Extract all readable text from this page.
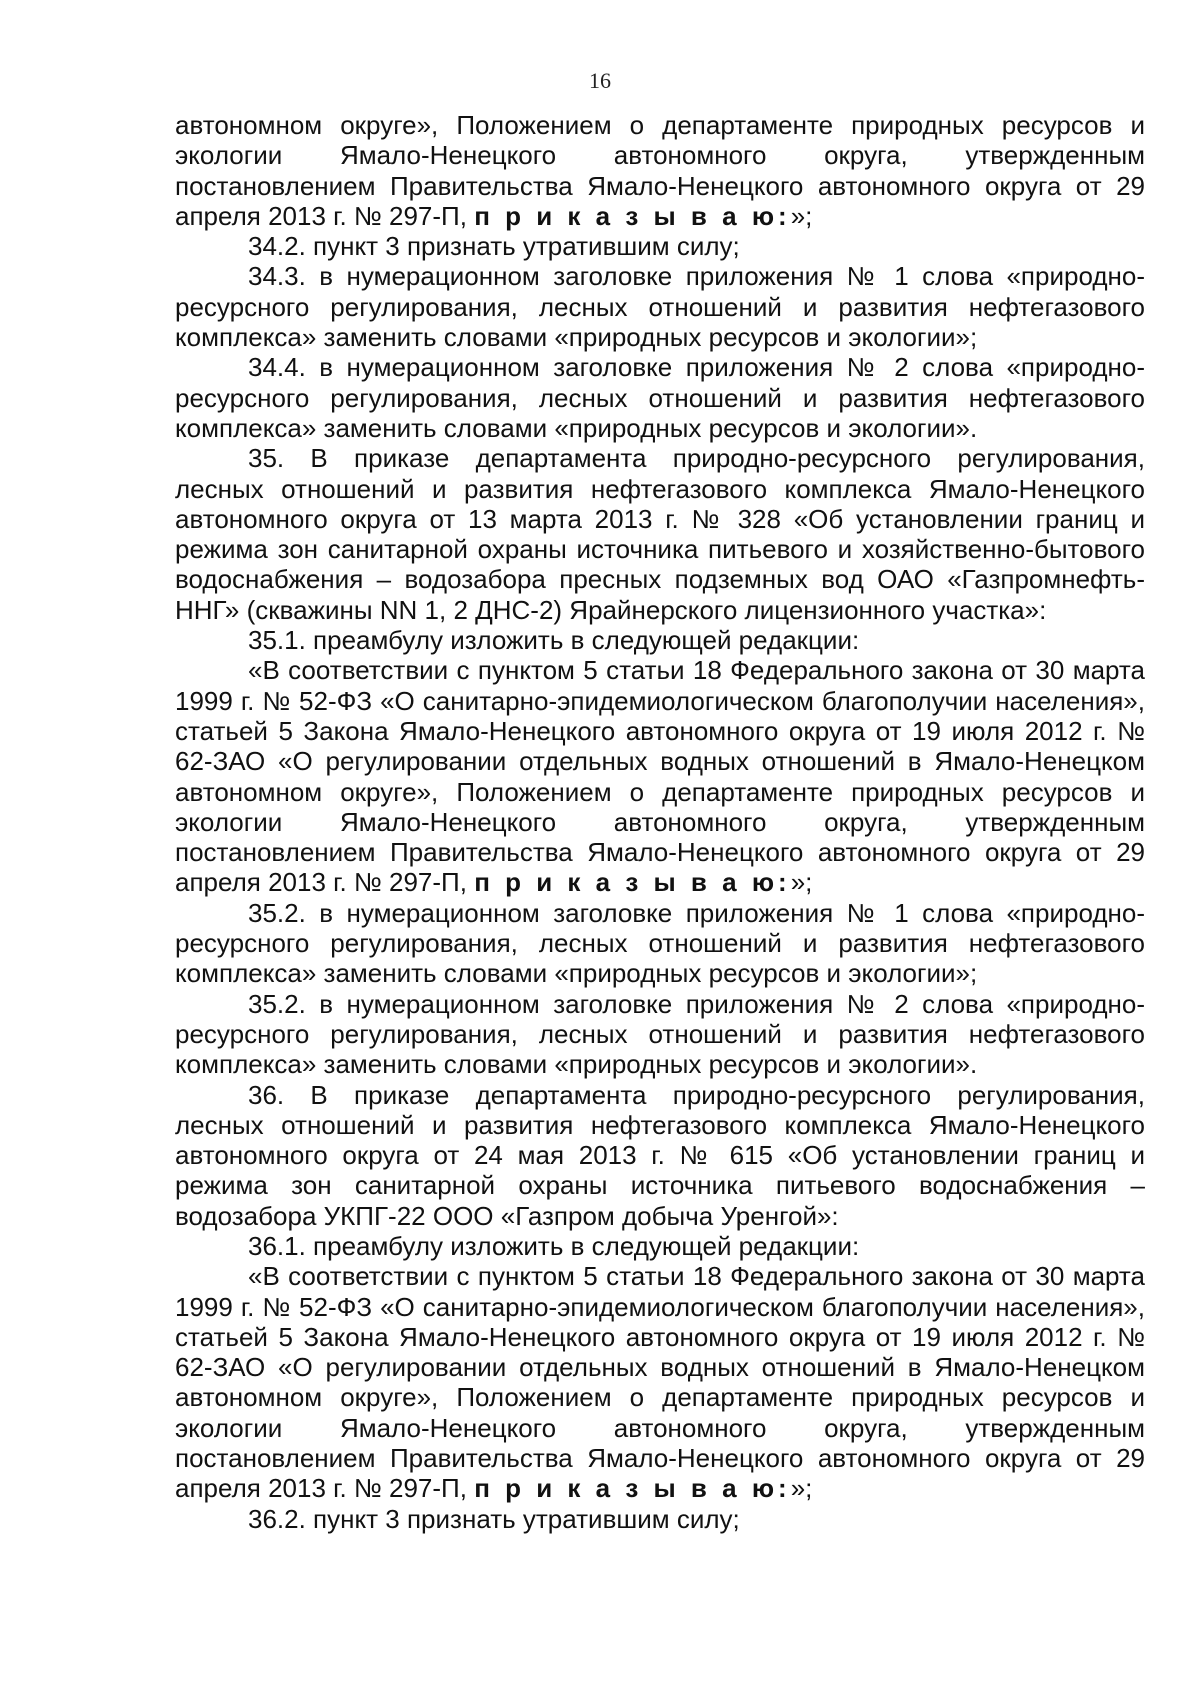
16

автономном округе», Положением о департаменте природных ресурсов и экологии Ямало-Ненецкого автономного округа, утвержденным постановлением Правительства Ямало-Ненецкого автономного округа от 29 апреля 2013 г. № 297-П, п р и к а з ы в а ю:»;

34.2. пункт 3 признать утратившим силу;

34.3. в нумерационном заголовке приложения № 1 слова «природно-ресурсного регулирования, лесных отношений и развития нефтегазового комплекса» заменить словами «природных ресурсов и экологии»;

34.4. в нумерационном заголовке приложения № 2 слова «природно-ресурсного регулирования, лесных отношений и развития нефтегазового комплекса» заменить словами «природных ресурсов и экологии».

35. В приказе департамента природно-ресурсного регулирования, лесных отношений и развития нефтегазового комплекса Ямало-Ненецкого автономного округа от 13 марта 2013 г. № 328 «Об установлении границ и режима зон санитарной охраны источника питьевого и хозяйственно-бытового водоснабжения – водозабора пресных подземных вод ОАО «Газпромнефть-ННГ» (скважины NN 1, 2 ДНС-2) Ярайнерского лицензионного участка»:

35.1. преамбулу изложить в следующей редакции:

«В соответствии с пунктом 5 статьи 18 Федерального закона от 30 марта 1999 г. № 52-ФЗ «О санитарно-эпидемиологическом благополучии населения», статьей 5 Закона Ямало-Ненецкого автономного округа от 19 июля 2012 г. № 62-ЗАО «О регулировании отдельных водных отношений в Ямало-Ненецком автономном округе», Положением о департаменте природных ресурсов и экологии Ямало-Ненецкого автономного округа, утвержденным постановлением Правительства Ямало-Ненецкого автономного округа от 29 апреля 2013 г. № 297-П, п р и к а з ы в а ю:»;

35.2. в нумерационном заголовке приложения № 1 слова «природно-ресурсного регулирования, лесных отношений и развития нефтегазового комплекса» заменить словами «природных ресурсов и экологии»;

35.2. в нумерационном заголовке приложения № 2 слова «природно-ресурсного регулирования, лесных отношений и развития нефтегазового комплекса» заменить словами «природных ресурсов и экологии».

36. В приказе департамента природно-ресурсного регулирования, лесных отношений и развития нефтегазового комплекса Ямало-Ненецкого автономного округа от 24 мая 2013 г. № 615 «Об установлении границ и режима зон санитарной охраны источника питьевого водоснабжения – водозабора УКПГ-22 ООО «Газпром добыча Уренгой»:

36.1. преамбулу изложить в следующей редакции:

«В соответствии с пунктом 5 статьи 18 Федерального закона от 30 марта 1999 г. № 52-ФЗ «О санитарно-эпидемиологическом благополучии населения», статьей 5 Закона Ямало-Ненецкого автономного округа от 19 июля 2012 г. № 62-ЗАО «О регулировании отдельных водных отношений в Ямало-Ненецком автономном округе», Положением о департаменте природных ресурсов и экологии Ямало-Ненецкого автономного округа, утвержденным постановлением Правительства Ямало-Ненецкого автономного округа от 29 апреля 2013 г. № 297-П, п р и к а з ы в а ю:»;

36.2. пункт 3 признать утратившим силу;
